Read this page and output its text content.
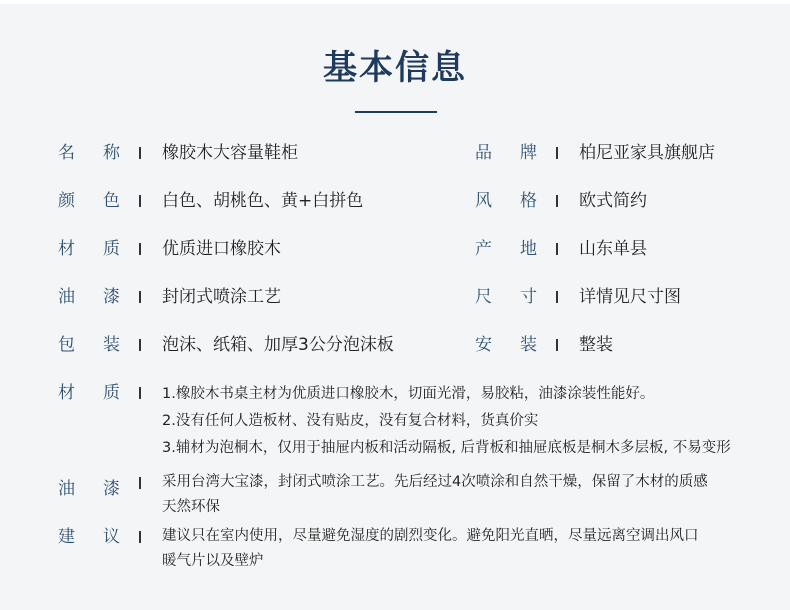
基本信息
名 称 橡胶木大容量鞋柜	品 牌 柏尼亚家具旗舰店
颜 色 白色、胡桃色、黄+白拼色	风 格 欧式简约
材 质 优质进口橡胶木	产 地 山东单县
油 漆 封闭式喷涂工艺	尺 寸 详情见尺寸图
包 装 泡沫、纸箱、加厚3公分泡沫板	安 装 整装
材 质	1.橡胶木书桌主材为优质进口橡胶木，切面光滑，易胶粘，油漆涂装性能好。
2.没有任何人造板材、没有贴皮，没有复合材料，货真价实
3.辅材为泡桐木，仅用于抽屉内板和活动隔板, 后背板和抽屉底板是桐木多层板, 不易变形
油 漆	采用台湾大宝漆，封闭式喷涂工艺。先后经过4次喷涂和自然干燥，保留了木材的质感
天然环保
建 议	建议只在室内使用，尽量避免湿度的剧烈变化。避免阳光直晒，尽量远离空调出风口
暖气片以及壁炉
